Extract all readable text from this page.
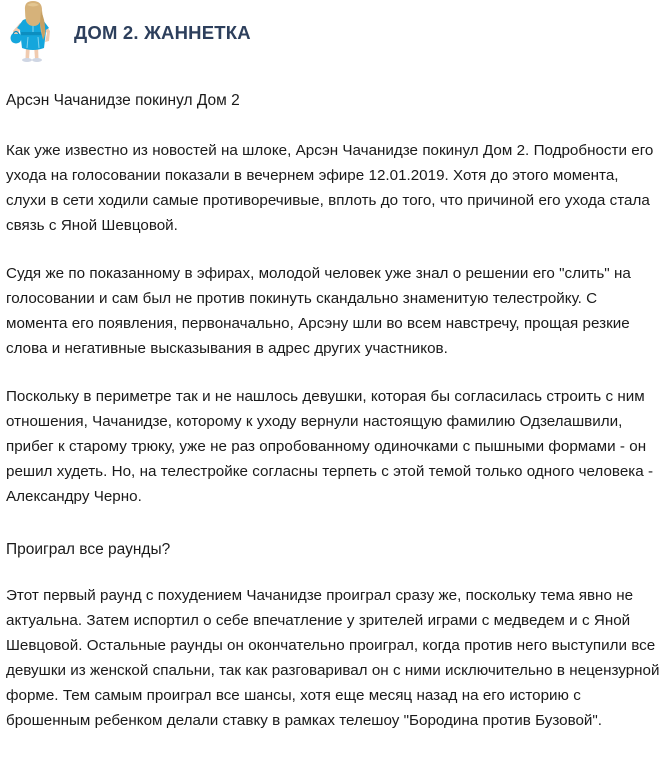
ДОМ 2. ЖАННЕТКА
Арсэн Чачанидзе покинул Дом 2

Как уже известно из новостей на шлоке, Арсэн Чачанидзе покинул Дом 2. Подробности его ухода на голосовании показали в вечернем эфире 12.01.2019. Хотя до этого момента, слухи в сети ходили самые противоречивые, вплоть до того, что причиной его ухода стала связь с Яной Шевцовой.

Судя же по показанному в эфирах, молодой человек уже знал о решении его "слить" на голосовании и сам был не против покинуть скандально знаменитую телестройку. С момента его появления, первоначально, Арсэну шли во всем навстречу, прощая резкие слова и негативные высказывания в адрес других участников.

Поскольку в периметре так и не нашлось девушки, которая бы согласилась строить с ним отношения, Чачанидзе, которому к уходу вернули настоящую фамилию Одзелашвили, прибег к старому трюку, уже не раз опробованному одиночками с пышными формами - он решил худеть. Но, на телестройке согласны терпеть с этой темой только одного человека - Александру Черно.

Проиграл все раунды?

Этот первый раунд с похудением Чачанидзе проиграл сразу же, поскольку тема явно не актуальна. Затем испортил о себе впечатление у зрителей играми с медведем и с Яной Шевцовой. Остальные раунды он окончательно проиграл, когда против него выступили все девушки из женской спальни, так как разговаривал он с ними исключительно в нецензурной форме. Тем самым проиграл все шансы, хотя еще месяц назад на его историю с брошенным ребенком делали ставку в рамках телешоу "Бородина против Бузовой".
